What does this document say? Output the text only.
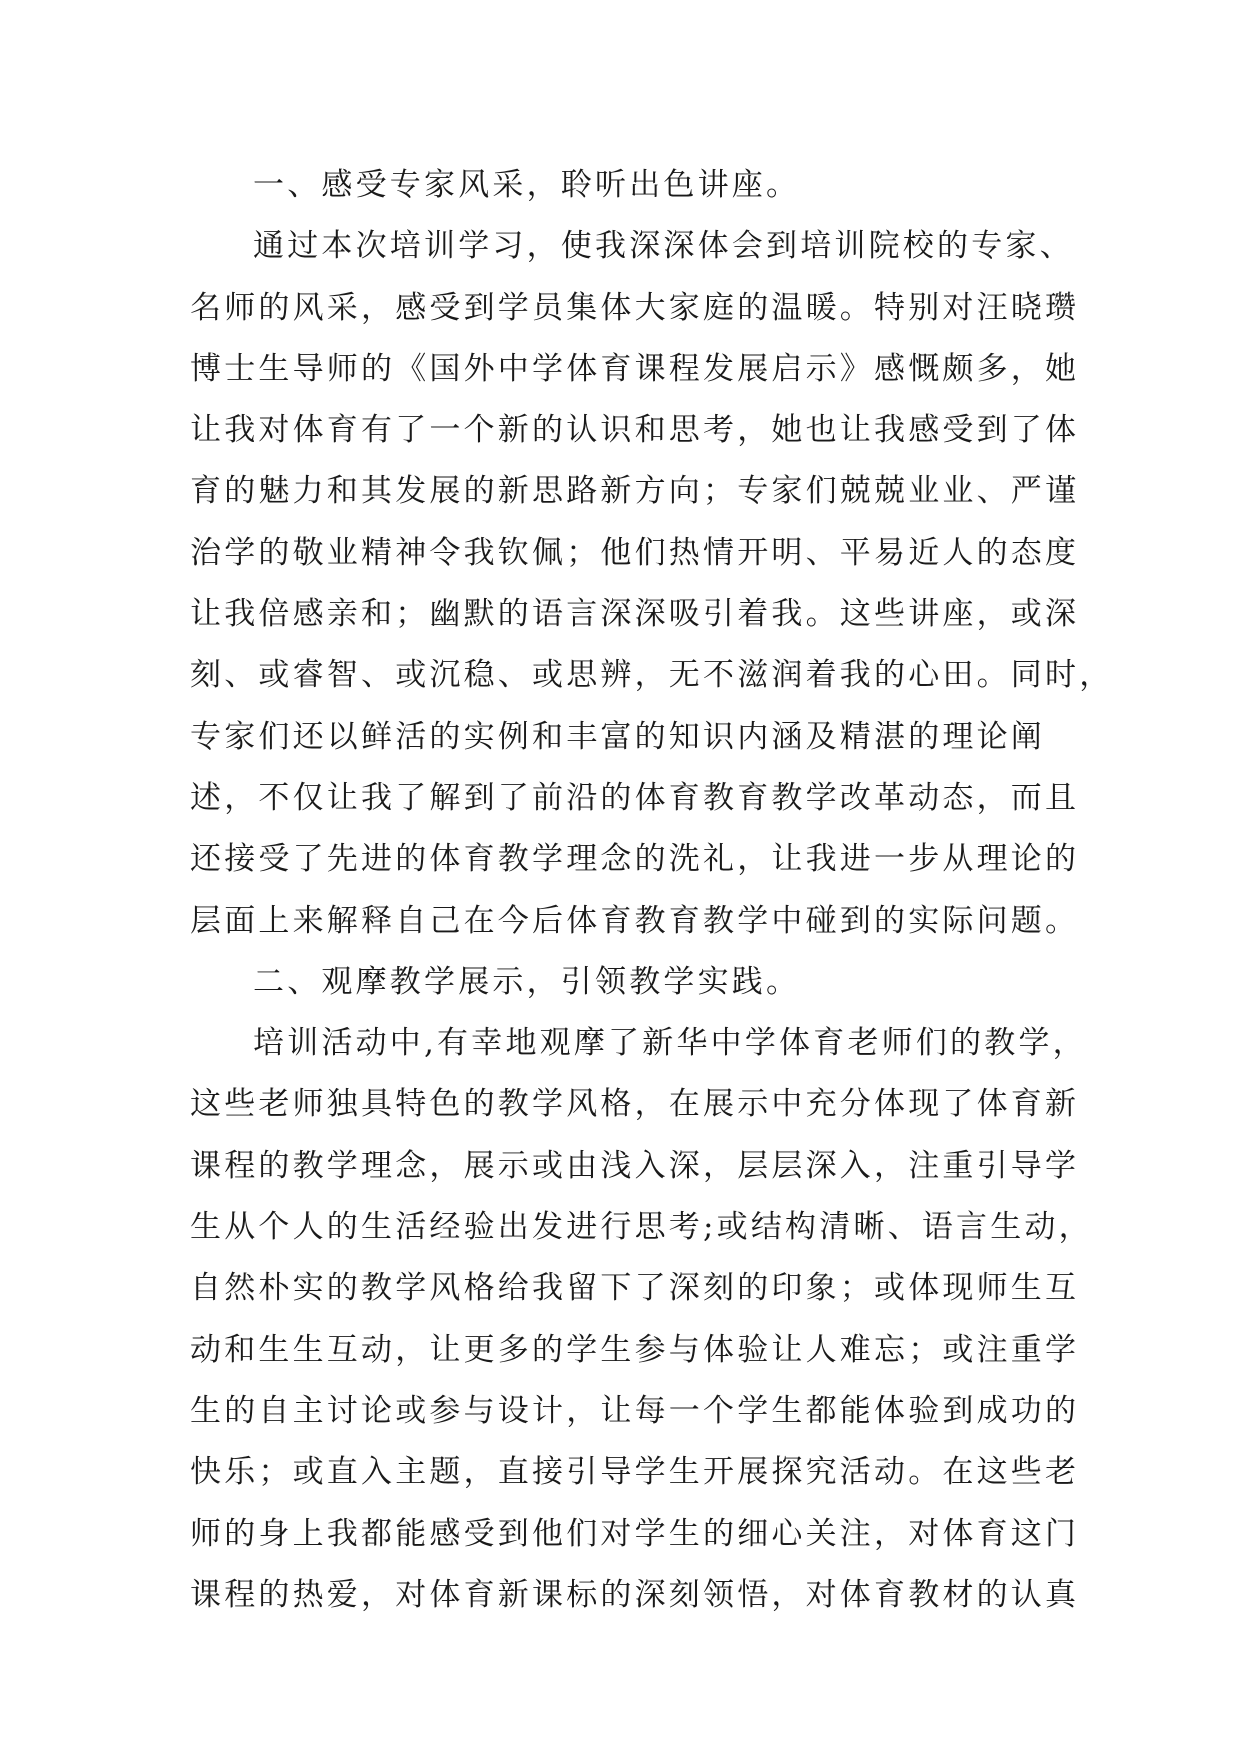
一、感受专家风采，聆听出色讲座。
通过本次培训学习，使我深深体会到培训院校的专家、
名师的风采，感受到学员集体大家庭的温暖。特别对汪晓瓒
博士生导师的《国外中学体育课程发展启示》感慨颇多，她
让我对体育有了一个新的认识和思考，她也让我感受到了体
育的魅力和其发展的新思路新方向；专家们兢兢业业、严谨
治学的敬业精神令我钦佩；他们热情开明、平易近人的态度
让我倍感亲和；幽默的语言深深吸引着我。这些讲座，或深
刻、或睿智、或沉稳、或思辨，无不滋润着我的心田。同时，
专家们还以鲜活的实例和丰富的知识内涵及精湛的理论阐
述，不仅让我了解到了前沿的体育教育教学改革动态，而且
还接受了先进的体育教学理念的洗礼，让我进一步从理论的
层面上来解释自己在今后体育教育教学中碰到的实际问题。
二、观摩教学展示，引领教学实践。
培训活动中,有幸地观摩了新华中学体育老师们的教学，
这些老师独具特色的教学风格，在展示中充分体现了体育新
课程的教学理念，展示或由浅入深，层层深入，注重引导学
生从个人的生活经验出发进行思考;或结构清晰、语言生动，
自然朴实的教学风格给我留下了深刻的印象；或体现师生互
动和生生互动，让更多的学生参与体验让人难忘；或注重学
生的自主讨论或参与设计，让每一个学生都能体验到成功的
快乐；或直入主题，直接引导学生开展探究活动。在这些老
师的身上我都能感受到他们对学生的细心关注，对体育这门
课程的热爱，对体育新课标的深刻领悟，对体育教材的认真
